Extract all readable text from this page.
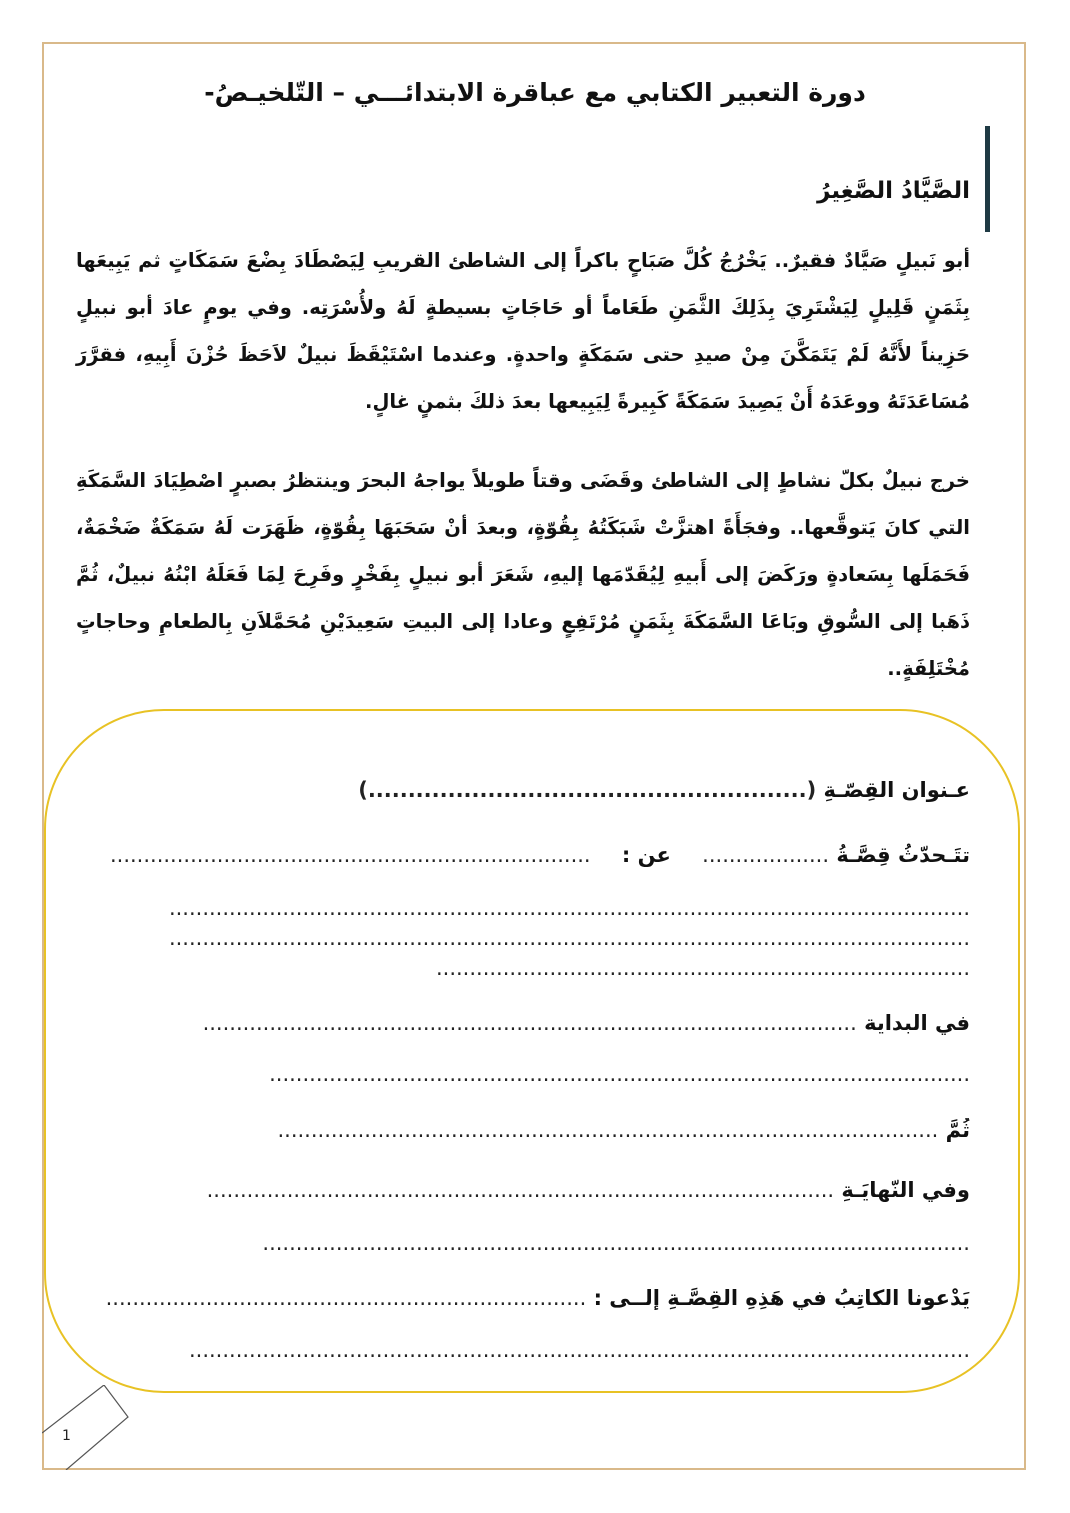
دورة التعبير الكتابي مع عباقرة الابتدائـــي – التّلخيـصُ-
الصَّيَّادُ الصَّغِيرُ
أبو نَبيلٍ صَيَّادٌ فقيرٌ.. يَخْرُجُ كُلَّ صَبَاحٍ باكراً إلى الشاطئ القريبِ لِيَصْطَادَ بِضْعَ سَمَكَاتٍ ثم يَبِيعَها بِثَمَنٍ قَلِيلٍ لِيَشْتَرِيَ بِذَلِكَ الثَّمَنِ طَعَاماً أو حَاجَاتٍ بسيطةٍ لَهُ ولأُسْرَتِه. وفي يومٍ عادَ أبو نبيلٍ حَزِيناً لأَنَّهُ لَمْ يَتَمَكَّنَ مِنْ صيدِ حتى سَمَكَةٍ واحدةٍ. وعندما اسْتَيْقَظَ نبيلٌ لاَحَظَ حُزْنَ أَبِيهِ، فقرَّرَ مُسَاعَدَتَهُ ووعَدَهُ أَنْ يَصِيدَ سَمَكَةً كَبِيرةً لِيَبِيعها بعدَ ذلكَ بثمنٍ غالٍ.
خرج نبيلٌ بكلّ نشاطٍ إلى الشاطئ وقَضَى وقتاً طويلاً يواجهُ البحرَ وينتظرُ بصبرٍ اصْطِيَادَ السَّمَكَةِ التي كانَ يَتوقَّعها.. وفجَأَةً اهتزَّتْ شَبَكَتُهُ بِقُوّةٍ، وبعدَ أنْ سَحَبَهَا بِقُوّةٍ، ظَهَرَت لَهُ سَمَكَةٌ ضَخْمَةٌ، فَحَمَلَها بِسَعادةٍ ورَكَضَ إلى أَبيهِ لِيُقَدّمَها إليهِ، شَعَرَ أبو نبيلٍ بِفَخْرٍ وفَرِحَ لِمَا فَعَلَهُ ابْنُهُ نبيلٌ، ثُمَّ ذَهَبا إلى السُّوقِ وبَاعَا السَّمَكَةَ بِثَمَنٍ مُرْتَفِعٍ وعادا إلى البيتِ سَعِيدَيْنِ مُحَمَّلاَنِ بِالطعامِ وحاجاتٍ مُخْتَلِفَةٍ..
عـنوان القِصّـةِ (.......................................................)
تتَـحدّثُ قِصَّـةُ ................... عن : ........................................................................
........................................................................................................................
........................................................................................................................
................................................................................
في البداية ..................................................................................................
.........................................................................................................
ثُمَّ ...................................................................................................
وفي النّهايَـةِ ..............................................................................................
..........................................................................................................
يَدْعونا الكاتِبُ في هَذِهِ القِصَّـةِ إلــى : ........................................................................
.....................................................................................................................
1
